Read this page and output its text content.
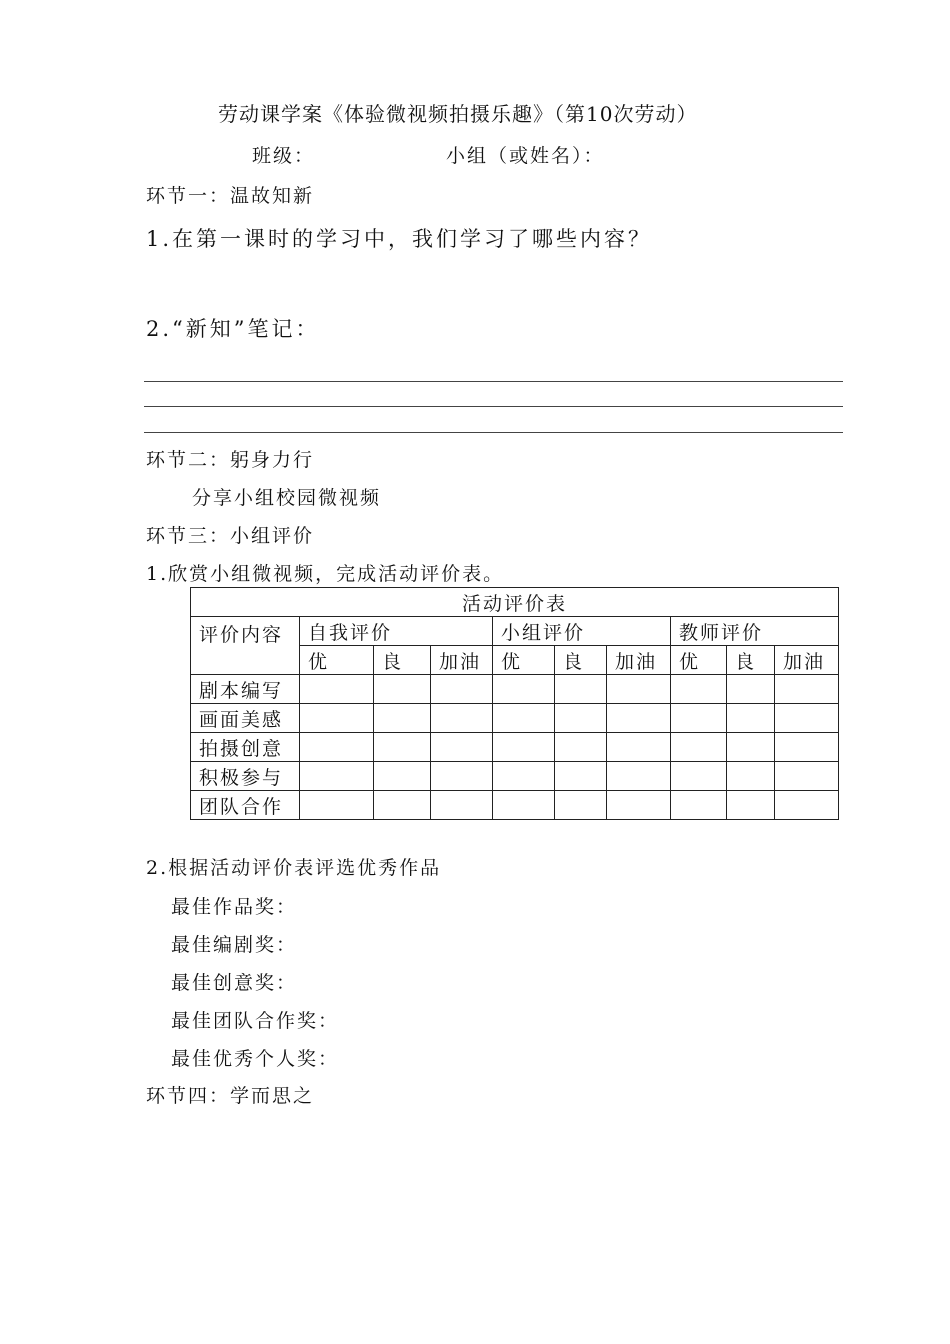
劳动课学案《体验微视频拍摄乐趣》（第10次劳动）
班级：	小组（或姓名）：
环节一：温故知新
1.在第一课时的学习中，我们学习了哪些内容？
2.“新知”笔记：
环节二：躬身力行
分享小组校园微视频
环节三：小组评价
1.欣赏小组微视频，完成活动评价表。
活动评价表									
评价内容	自我评价			小组评价			教师评价		
	优	良	加油	优	良	加油	优	良	加油
剧本编写									
画面美感									
拍摄创意									
积极参与									
团队合作									
2.根据活动评价表评选优秀作品
最佳作品奖：
最佳编剧奖：
最佳创意奖：
最佳团队合作奖：
最佳优秀个人奖：
环节四：学而思之
